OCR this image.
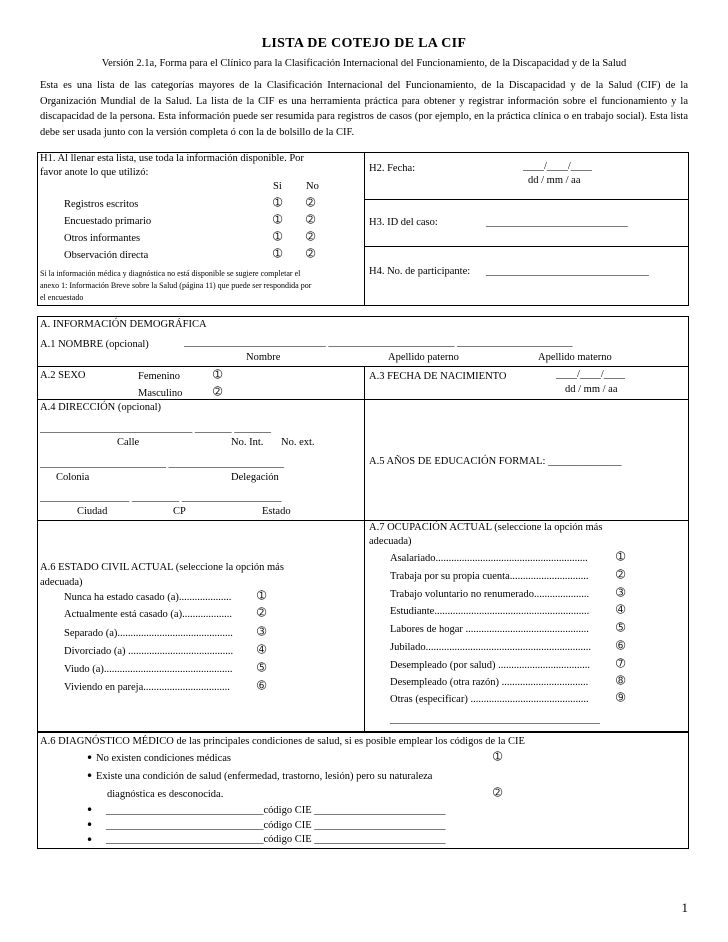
LISTA DE COTEJO DE LA CIF
Versión 2.1a, Forma para el Clínico para la Clasificación Internacional del Funcionamiento, de la Discapacidad y de la Salud
Esta es una lista de las categorías mayores de la Clasificación Internacional del Funcionamiento, de la Discapacidad y de la Salud (CIF) de la Organización Mundial de la Salud. La lista de la CIF es una herramienta práctica para obtener y registrar información sobre el funcionamiento y la discapacidad de la persona. Esta información puede ser resumida para registros de casos (por ejemplo, en la práctica clínica o en trabajo social). Esta lista debe ser usada junto con la versión completa ó con la de bolsillo de la CIF.
H1. Al llenar esta lista, use toda la información disponible. Por
favor anote lo que utilizó:
Si No
Registros escritos	➀ ➁
Encuestado primario	➀ ➁
Otros informantes	➀ ➁
Observación directa	➀ ➁
Si la información médica y diagnóstica no está disponible se sugiere completar el
anexo 1: Información Breve sobre la Salud (página 11) que puede ser respondida por
el encuestado
H2. Fecha:	____/____/____
dd / mm / aa
H3. ID del caso:	___________________________
H4. No. de participante: _______________________________
A. INFORMACIÓN DEMOGRÁFICA
A.1 NOMBRE (opcional)	___________________________ ________________________ ______________________
Nombre	Apellido paterno	Apellido materno
A.2 SEXO	Femenino	➀
Masculino	➁
A.3 FECHA DE NACIMIENTO	____/____/____
dd / mm / aa
A.4 DIRECCIÓN (opcional)
_____________________________ _______ _______
Calle	No. Int. No. ext.
________________________ ______________________
Colonia	Delegación
_________________ _________ ___________________
Ciudad	CP	Estado
A.5 AÑOS DE EDUCACIÓN FORMAL: ______________
A.6 ESTADO CIVIL ACTUAL (seleccione la opción más
adecuada)
Nunca ha estado casado (a).................... ➀
Actualmente está casado (a)................... ➁
Separado (a)............................................ ➂
Divorciado (a) ........................................ ➃
Viudo (a)................................................. ➄
Viviendo en pareja................................. ➅
A.7 OCUPACIÓN ACTUAL (seleccione la opción más
adecuada)
Asalariado..........................................................	➀
Trabaja por su propia cuenta..............................	➁
Trabajo voluntario no renumerado..................... ➂
Estudiante........................................................... ➃
Labores de hogar ............................................... ➄
Jubilado............................................................... ➅
Desempleado (por salud) ................................... ➆
Desempleado (otra razón) .................................	➇
Otras (especificar) ............................................. ➈
________________________________________
A.6 DIAGNÓSTICO MÉDICO de las principales condiciones de salud, si es posible emplear los códigos de la CIE
• No existen condiciones médicas	➀
• Existe una condición de salud (enfermedad, trastorno, lesión) pero su naturaleza
diagnóstica es desconocida.	➁
• ______________________________código CIE _________________________
• ______________________________código CIE _________________________
• ______________________________código CIE _________________________
1
